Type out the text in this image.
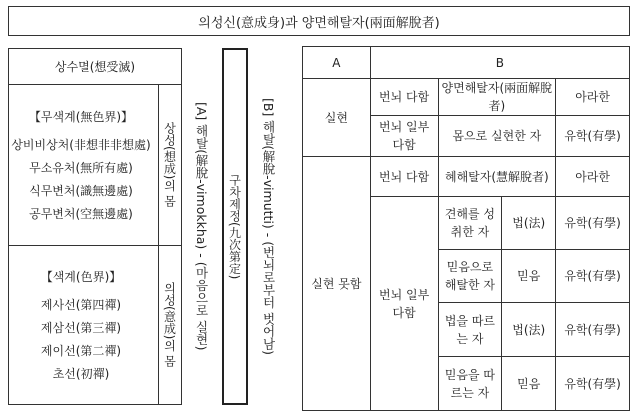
의성신(意成身)과 양면해탈자(兩面解脫者)
상수멸(想受滅)
【무색계(無色界)】
상비비상처(非想非非想處)
무소유처(無所有處)
식무변처(識無邊處)
공무변처(空無邊處)
상성(想成)의 몸
【색계(色界)】
제사선(第四禪)
제삼선(第三禪)
제이선(第二禪)
초선(初禪)
의성(意成)의 몸 [A] 해탈(解脫-vimokkha) - (마음으로 실현) 구차제정(九次第定) [B] 해탈(解脫-vimutti) - (번뇌로부터 벗어남)
A	B			
실현	번뇌 다함	양면해탈자(兩面解脫者)		아라한
	번뇌 일부 다함	몸으로 실현한 자		유학(有學)
실현 못함	번뇌 다함	혜해탈자(慧解脫者)		아라한
	번뇌 일부 다함	견해를 성취한 자	법(法)	유학(有學)
		믿음으로 해탈한 자	믿음	유학(有學)
		법을 따르는 자	법(法)	유학(有學)
		믿음을 따르는 자	믿음	유학(有學)
